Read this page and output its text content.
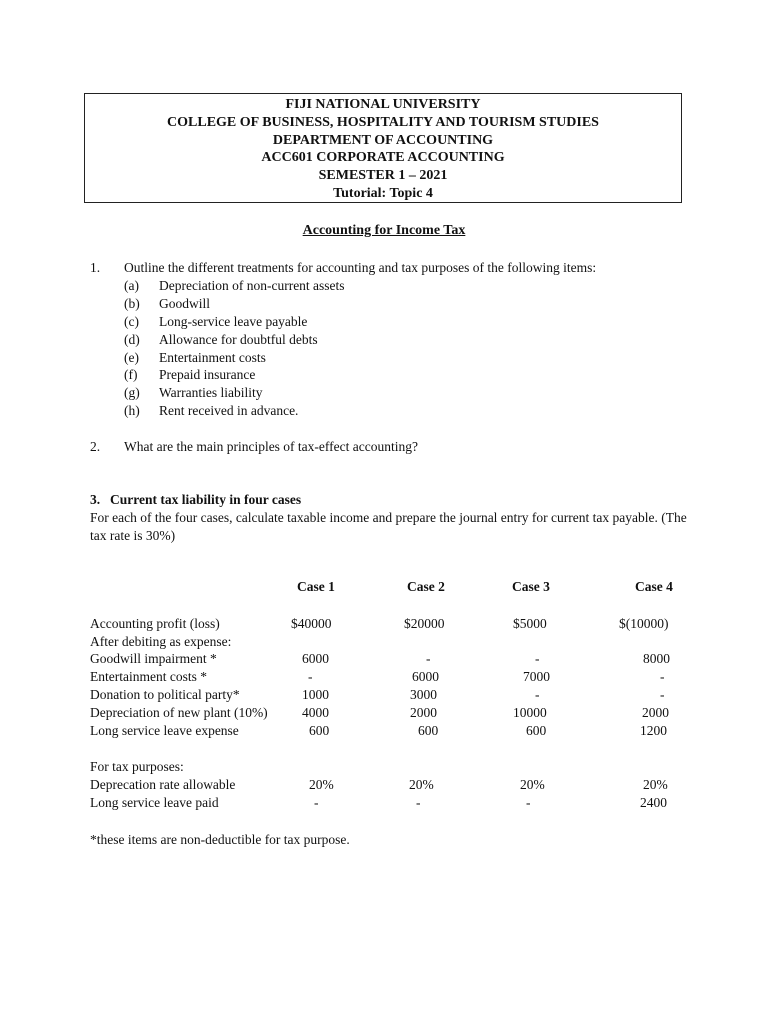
FIJI NATIONAL UNIVERSITY
COLLEGE OF BUSINESS, HOSPITALITY AND TOURISM STUDIES
DEPARTMENT OF ACCOUNTING
ACC601 CORPORATE ACCOUNTING
SEMESTER 1 – 2021
Tutorial: Topic 4
Accounting for Income Tax
1. Outline the different treatments for accounting and tax purposes of the following items:
(a) Depreciation of non-current assets
(b) Goodwill
(c) Long-service leave payable
(d) Allowance for doubtful debts
(e) Entertainment costs
(f) Prepaid insurance
(g) Warranties liability
(h) Rent received in advance.
2. What are the main principles of tax-effect accounting?
3. Current tax liability in four cases
For each of the four cases, calculate taxable income and prepare the journal entry for current tax payable. (The tax rate is 30%)
Case 1	Case 2	Case 3	Case 4
Accounting profit (loss)	$40000	$20000	$5000	$(10000)
After debiting as expense:
Goodwill impairment *	6000	-	-	8000
Entertainment costs *	-	6000	7000	-
Donation to political party*	1000	3000	-	-
Depreciation of new plant (10%)	4000	2000	10000	2000
Long service leave expense	600	600	600	1200
For tax purposes:
Deprecation rate allowable	20%	20%	20%	20%
Long service leave paid	-	-	-	2400
*these items are non-deductible for tax purpose.
